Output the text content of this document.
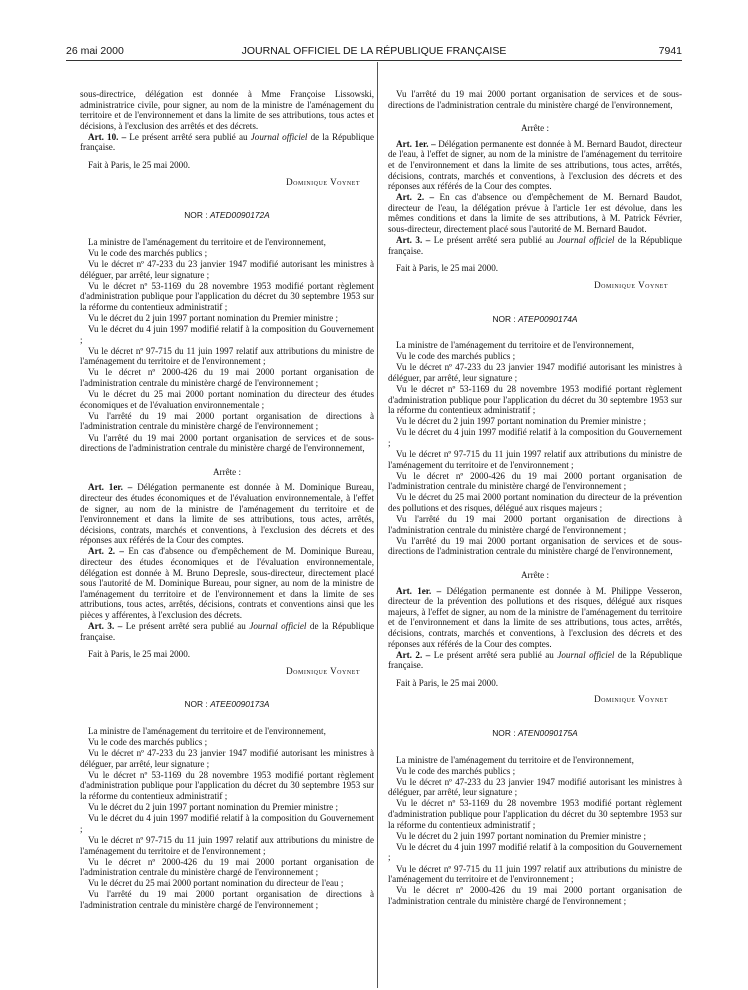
26 mai 2000	JOURNAL OFFICIEL DE LA RÉPUBLIQUE FRANÇAISE	7941

sous-directrice, délégation est donnée à Mme Françoise Lissowski, administratrice civile, pour signer, au nom de la ministre de l'aménagement du territoire et de l'environnement et dans la limite de ses attributions, tous actes et décisions, à l'exclusion des arrêtés et des décrets.

Art. 10. – Le présent arrêté sera publié au Journal officiel de la République française.

Fait à Paris, le 25 mai 2000.

Dominique Voynet

NOR : ATED0090172A

La ministre de l'aménagement du territoire et de l'environnement,

Vu le code des marchés publics ;

Vu le décret nº 47-233 du 23 janvier 1947 modifié autorisant les ministres à déléguer, par arrêté, leur signature ;

Vu le décret nº 53-1169 du 28 novembre 1953 modifié portant règlement d'administration publique pour l'application du décret du 30 septembre 1953 sur la réforme du contentieux administratif ;

Vu le décret du 2 juin 1997 portant nomination du Premier ministre ;

Vu le décret du 4 juin 1997 modifié relatif à la composition du Gouvernement ;

Vu le décret nº 97-715 du 11 juin 1997 relatif aux attributions du ministre de l'aménagement du territoire et de l'environnement ;

Vu le décret nº 2000-426 du 19 mai 2000 portant organisation de l'administration centrale du ministère chargé de l'environnement ;

Vu le décret du 25 mai 2000 portant nomination du directeur des études économiques et de l'évaluation environnementale ;

Vu l'arrêté du 19 mai 2000 portant organisation de directions à l'administration centrale du ministère chargé de l'environnement ;

Vu l'arrêté du 19 mai 2000 portant organisation de services et de sous-directions de l'administration centrale du ministère chargé de l'environnement,

Arrête :

Art. 1er. – Délégation permanente est donnée à M. Dominique Bureau, directeur des études économiques et de l'évaluation environnementale, à l'effet de signer, au nom de la ministre de l'aménagement du territoire et de l'environnement et dans la limite de ses attributions, tous actes, arrêtés, décisions, contrats, marchés et conventions, à l'exclusion des décrets et des réponses aux référés de la Cour des comptes.

Art. 2. – En cas d'absence ou d'empêchement de M. Dominique Bureau, directeur des études économiques et de l'évaluation environnementale, délégation est donnée à M. Bruno Depresle, sous-directeur, directement placé sous l'autorité de M. Dominique Bureau, pour signer, au nom de la ministre de l'aménagement du territoire et de l'environnement et dans la limite de ses attributions, tous actes, arrêtés, décisions, contrats et conventions ainsi que les pièces y afférentes, à l'exclusion des décrets.

Art. 3. – Le présent arrêté sera publié au Journal officiel de la République française.

Fait à Paris, le 25 mai 2000.

Dominique Voynet

NOR : ATEE0090173A

La ministre de l'aménagement du territoire et de l'environnement,

Vu le code des marchés publics ;

Vu le décret nº 47-233 du 23 janvier 1947 modifié autorisant les ministres à déléguer, par arrêté, leur signature ;

Vu le décret nº 53-1169 du 28 novembre 1953 modifié portant règlement d'administration publique pour l'application du décret du 30 septembre 1953 sur la réforme du contentieux administratif ;

Vu le décret du 2 juin 1997 portant nomination du Premier ministre ;

Vu le décret du 4 juin 1997 modifié relatif à la composition du Gouvernement ;

Vu le décret nº 97-715 du 11 juin 1997 relatif aux attributions du ministre de l'aménagement du territoire et de l'environnement ;

Vu le décret nº 2000-426 du 19 mai 2000 portant organisation de l'administration centrale du ministère chargé de l'environnement ;

Vu le décret du 25 mai 2000 portant nomination du directeur de l'eau ;

Vu l'arrêté du 19 mai 2000 portant organisation de directions à l'administration centrale du ministère chargé de l'environnement ;

Vu l'arrêté du 19 mai 2000 portant organisation de services et de sous-directions de l'administration centrale du ministère chargé de l'environnement,

Arrête :

Art. 1er. – Délégation permanente est donnée à M. Bernard Baudot, directeur de l'eau, à l'effet de signer, au nom de la ministre de l'aménagement du territoire et de l'environnement et dans la limite de ses attributions, tous actes, arrêtés, décisions, contrats, marchés et conventions, à l'exclusion des décrets et des réponses aux référés de la Cour des comptes.

Art. 2. – En cas d'absence ou d'empêchement de M. Bernard Baudot, directeur de l'eau, la délégation prévue à l'article 1er est dévolue, dans les mêmes conditions et dans la limite de ses attributions, à M. Patrick Février, sous-directeur, directement placé sous l'autorité de M. Bernard Baudot.

Art. 3. – Le présent arrêté sera publié au Journal officiel de la République française.

Fait à Paris, le 25 mai 2000.

Dominique Voynet

NOR : ATEP0090174A

La ministre de l'aménagement du territoire et de l'environnement,

Vu le code des marchés publics ;

Vu le décret nº 47-233 du 23 janvier 1947 modifié autorisant les ministres à déléguer, par arrêté, leur signature ;

Vu le décret nº 53-1169 du 28 novembre 1953 modifié portant règlement d'administration publique pour l'application du décret du 30 septembre 1953 sur la réforme du contentieux administratif ;

Vu le décret du 2 juin 1997 portant nomination du Premier ministre ;

Vu le décret du 4 juin 1997 modifié relatif à la composition du Gouvernement ;

Vu le décret nº 97-715 du 11 juin 1997 relatif aux attributions du ministre de l'aménagement du territoire et de l'environnement ;

Vu le décret nº 2000-426 du 19 mai 2000 portant organisation de l'administration centrale du ministère chargé de l'environnement ;

Vu le décret du 25 mai 2000 portant nomination du directeur de la prévention des pollutions et des risques, délégué aux risques majeurs ;

Vu l'arrêté du 19 mai 2000 portant organisation de directions à l'administration centrale du ministère chargé de l'environnement ;

Vu l'arrêté du 19 mai 2000 portant organisation de services et de sous-directions de l'administration centrale du ministère chargé de l'environnement,

Arrête :

Art. 1er. – Délégation permanente est donnée à M. Philippe Vesseron, directeur de la prévention des pollutions et des risques, délégué aux risques majeurs, à l'effet de signer, au nom de la ministre de l'aménagement du territoire et de l'environnement et dans la limite de ses attributions, tous actes, arrêtés, décisions, contrats, marchés et conventions, à l'exclusion des décrets et des réponses aux référés de la Cour des comptes.

Art. 2. – Le présent arrêté sera publié au Journal officiel de la République française.

Fait à Paris, le 25 mai 2000.

Dominique Voynet

NOR : ATEN0090175A

La ministre de l'aménagement du territoire et de l'environnement,

Vu le code des marchés publics ;

Vu le décret nº 47-233 du 23 janvier 1947 modifié autorisant les ministres à déléguer, par arrêté, leur signature ;

Vu le décret nº 53-1169 du 28 novembre 1953 modifié portant règlement d'administration publique pour l'application du décret du 30 septembre 1953 sur la réforme du contentieux administratif ;

Vu le décret du 2 juin 1997 portant nomination du Premier ministre ;

Vu le décret du 4 juin 1997 modifié relatif à la composition du Gouvernement ;

Vu le décret nº 97-715 du 11 juin 1997 relatif aux attributions du ministre de l'aménagement du territoire et de l'environnement ;

Vu le décret nº 2000-426 du 19 mai 2000 portant organisation de l'administration centrale du ministère chargé de l'environnement ;
